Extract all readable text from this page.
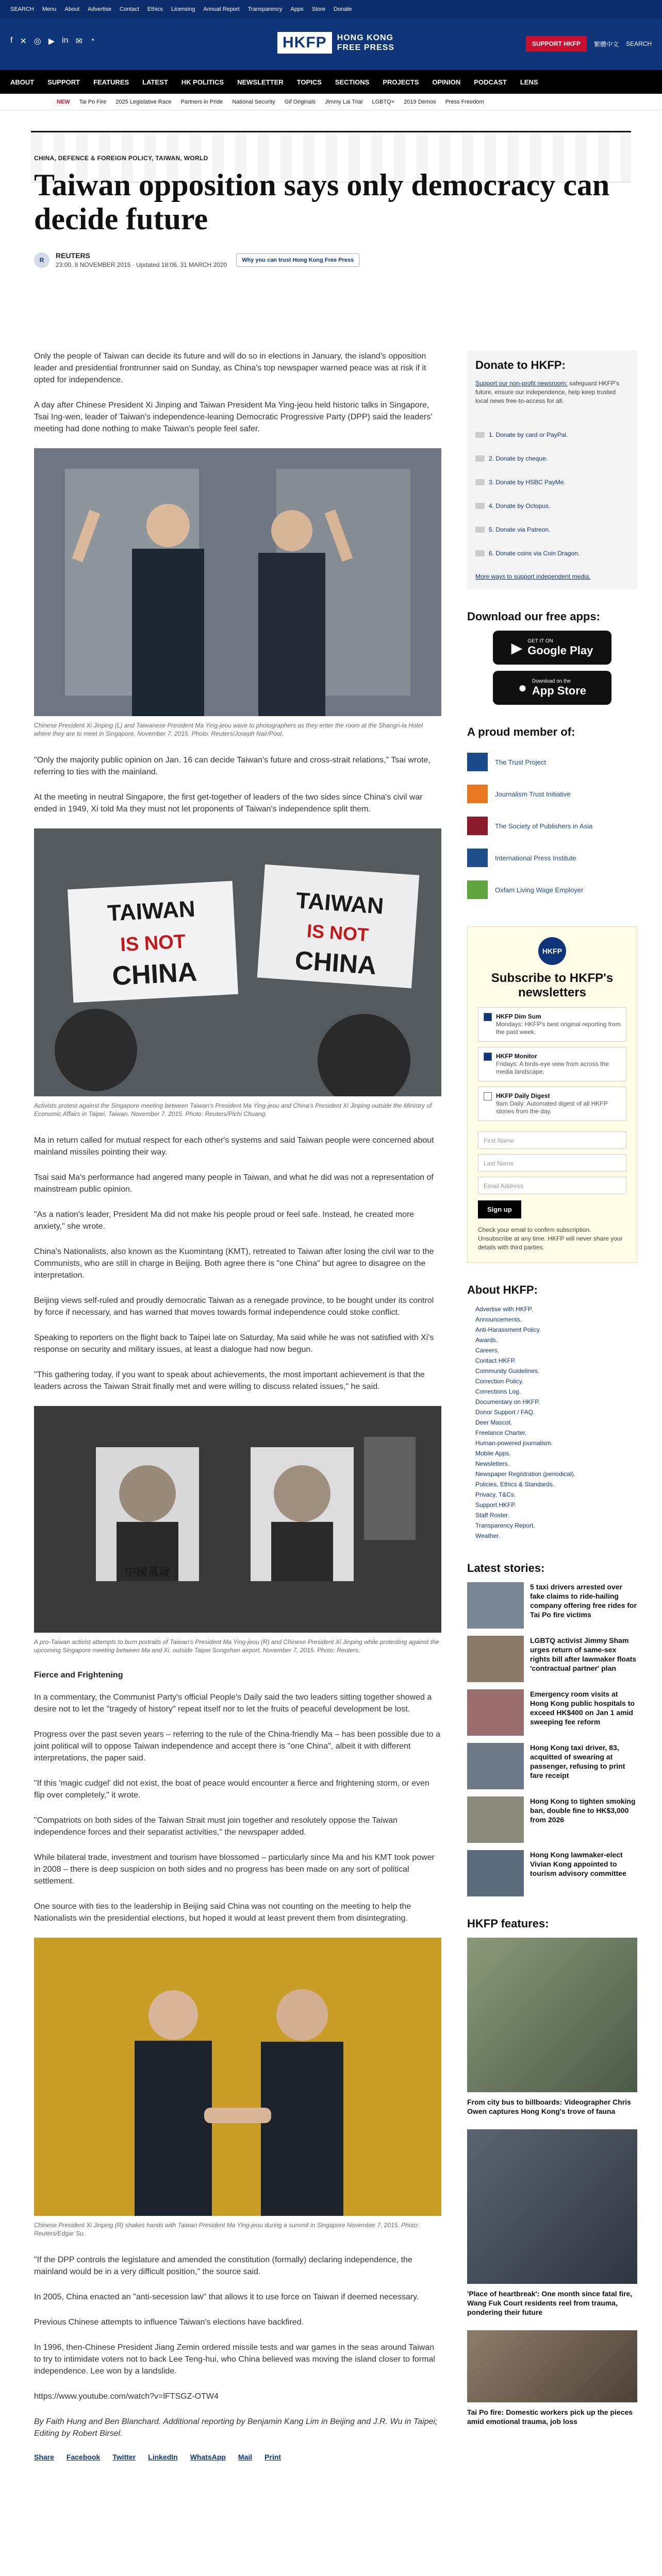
SEARCH Menu About Advertise Contact Ethics Licensing Annual Report Transparency Apps Store Donate
f ✕ ◎ ▶ in ✉ ◔	HKFP	HONG KONG
FREE PRESS	SUPPORT HKFP	繁體中文 SEARCH
ABOUT SUPPORT FEATURES LATEST HK POLITICS NEWSLETTER TOPICS SECTIONS PROJECTS OPINION PODCAST LENS
NEW Tai Po Fire 2025 Legislative Race Partners in Pride National Security Gif Originals Jimmy Lai Trial LGBTQ+ 2019 Demos Press Freedom
CHINA, DEFENCE & FOREIGN POLICY, TAIWAN, WORLD
Taiwan opposition says only democracy can decide future
R
REUTERS
23:00, 8 NOVEMBER 2015 · Updated 18:06, 31 MARCH 2020
Why you can trust Hong Kong Free Press

Only the people of Taiwan can decide its future and will do so in elections in January, the island's opposition leader and presidential frontrunner said on Sunday, as China's top newspaper warned peace was at risk if it opted for independence.

A day after Chinese President Xi Jinping and Taiwan President Ma Ying-jeou held historic talks in Singapore, Tsai Ing-wen, leader of Taiwan's independence-leaning Democratic Progressive Party (DPP) said the leaders' meeting had done nothing to make Taiwan's people feel safer.

Chinese President Xi Jinping (L) and Taiwanese President Ma Ying-jeou wave to photographers as they enter the room at the Shangri-la Hotel where they are to meet in Singapore, November 7, 2015. Photo: Reuters/Joseph Nair/Pool.

"Only the majority public opinion on Jan. 16 can decide Taiwan's future and cross-strait relations," Tsai wrote, referring to ties with the mainland.

At the meeting in neutral Singapore, the first get-together of leaders of the two sides since China's civil war ended in 1949, Xi told Ma they must not let proponents of Taiwan's independence split them.

TAIWAN
IS NOT
CHINA
TAIWAN
IS NOT
CHINA
Activists protest against the Singapore meeting between Taiwan's President Ma Ying-jeou and China's President Xi Jinping outside the Ministry of Economic Affairs in Taipei, Taiwan, November 7, 2015. Photo: Reuters/Pichi Chuang.

Ma in return called for mutual respect for each other's systems and said Taiwan people were concerned about mainland missiles pointing their way.

Tsai said Ma's performance had angered many people in Taiwan, and what he did was not a representation of mainstream public opinion.

"As a nation's leader, President Ma did not make his people proud or feel safe. Instead, he created more anxiety," she wrote.

China's Nationalists, also known as the Kuomintang (KMT), retreated to Taiwan after losing the civil war to the Communists, who are still in charge in Beijing. Both agree there is "one China" but agree to disagree on the interpretation.

Beijing views self-ruled and proudly democratic Taiwan as a renegade province, to be bought under its control by force if necessary, and has warned that moves towards formal independence could stoke conflict.

Speaking to reporters on the flight back to Taipei late on Saturday, Ma said while he was not satisfied with Xi's response on security and military issues, at least a dialogue had now begun.

"This gathering today, if you want to speak about achievements, the most important achievement is that the leaders across the Taiwan Strait finally met and were willing to discuss related issues," he said.

中國萬歲
A pro-Taiwan activist attempts to burn portraits of Taiwan's President Ma Ying-jeou (R) and Chinese President Xi Jinping while protesting against the upcoming Singapore meeting between Ma and Xi, outside Taipei Songshan airport, November 7, 2015. Photo: Reuters.
Fierce and Frightening

In a commentary, the Communist Party's official People's Daily said the two leaders sitting together showed a desire not to let the "tragedy of history" repeat itself nor to let the fruits of peaceful development be lost.

Progress over the past seven years – referring to the rule of the China-friendly Ma – has been possible due to a joint political will to oppose Taiwan independence and accept there is "one China", albeit it with different interpretations, the paper said.

"If this 'magic cudgel' did not exist, the boat of peace would encounter a fierce and frightening storm, or even flip over completely," it wrote.

"Compatriots on both sides of the Taiwan Strait must join together and resolutely oppose the Taiwan independence forces and their separatist activities," the newspaper added.

While bilateral trade, investment and tourism have blossomed – particularly since Ma and his KMT took power in 2008 – there is deep suspicion on both sides and no progress has been made on any sort of political settlement.

One source with ties to the leadership in Beijing said China was not counting on the meeting to help the Nationalists win the presidential elections, but hoped it would at least prevent them from disintegrating.

Chinese President Xi Jinping (R) shakes hands with Taiwan President Ma Ying-jeou during a summit in Singapore November 7, 2015. Photo: Reuters/Edgar Su.

"If the DPP controls the legislature and amended the constitution (formally) declaring independence, the mainland would be in a very difficult position," the source said.

In 2005, China enacted an "anti-secession law" that allows it to use force on Taiwan if deemed necessary.

Previous Chinese attempts to influence Taiwan's elections have backfired.

In 1996, then-Chinese President Jiang Zemin ordered missile tests and war games in the seas around Taiwan to try to intimidate voters not to back Lee Teng-hui, who China believed was moving the island closer to formal independence. Lee won by a landslide.

https://www.youtube.com/watch?v=lFTSGZ-OTW4

By Faith Hung and Ben Blanchard. Additional reporting by Benjamin Kang Lim in Beijing and J.R. Wu in Taipei; Editing by Robert Birsel.

Share Facebook Twitter LinkedIn WhatsApp Mail Print
Donate to HKFP:
Support our non-profit newsroom: safeguard HKFP's future, ensure our independence, help keep trusted local news free-to-access for all.
1. Donate by card or PayPal.
2. Donate by cheque.
3. Donate by HSBC PayMe.
4. Donate by Octopus.
5. Donate via Patreon.
6. Donate coins via Coin Dragon.
More ways to support independent media.
Download our free apps:
▶ GET IT ON
Google Play
● Download on the
App Store
A proud member of:
The Trust Project
Journalism Trust Initiative
The Society of Publishers in Asia
International Press Institute
Oxfam Living Wage Employer
HKFP
Subscribe to HKFP's newsletters
HKFP Dim Sum
Mondays: HKFP's best original reporting from the past week.
HKFP Monitor
Fridays: A birds-eye view from across the media landscape.
HKFP Daily Digest
9am Daily: Automated digest of all HKFP stories from the day.
First Name
Last Name
Email Address
Sign up
Check your email to confirm subscription. Unsubscribe at any time. HKFP will never share your details with third parties.
About HKFP:
Advertise with HKFP.
Announcements.
Anti-Harassment Policy.
Awards.
Careers.
Contact HKFP.
Community Guidelines.
Correction Policy.
Corrections Log.
Documentary on HKFP.
Donor Support / FAQ.
Deer Mascot.
Freelance Charter.
Human-powered journalism.
Mobile Apps.
Newsletters.
Newspaper Registration (periodical).
Policies, Ethics & Standards.
Privacy, T&Cs.
Support HKFP.
Staff Roster.
Transparency Report.
Weather.
Latest stories:
5 taxi drivers arrested over fake claims to ride-hailing company offering free rides for Tai Po fire victims
LGBTQ activist Jimmy Sham urges return of same-sex rights bill after lawmaker floats 'contractual partner' plan
Emergency room visits at Hong Kong public hospitals to exceed HK$400 on Jan 1 amid sweeping fee reform
Hong Kong taxi driver, 83, acquitted of swearing at passenger, refusing to print fare receipt
Hong Kong to tighten smoking ban, double fine to HK$3,000 from 2026
Hong Kong lawmaker-elect Vivian Kong appointed to tourism advisory committee
HKFP features:
From city bus to billboards: Videographer Chris Owen captures Hong Kong's trove of fauna
'Place of heartbreak': One month since fatal fire, Wang Fuk Court residents reel from trauma, pondering their future
Tai Po fire: Domestic workers pick up the pieces amid emotional trauma, job loss
